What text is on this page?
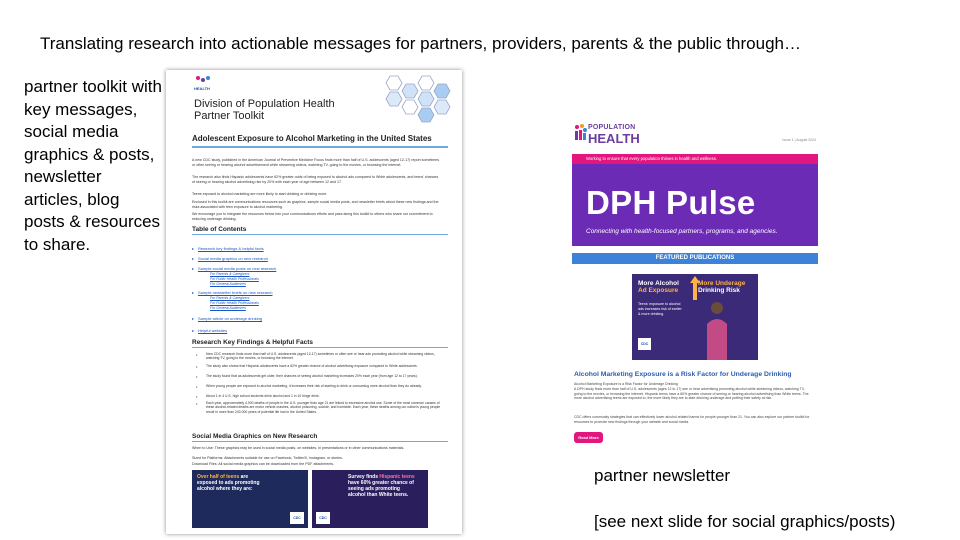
Translating research into actionable messages for partners, providers, parents & the public through…
partner toolkit with key messages, social media graphics & posts, newsletter articles, blog posts & resources to share.
partner newsletter
[see next slide for social graphics/posts)
HEALTH
Division of Population Health
Partner Toolkit
Adolescent Exposure to Alcohol Marketing in the United States
A new CDC study, published in the American Journal of Preventive Medicine Focus finds more than half of U.S. adolescents (aged 12-17) report sometimes or often seeing or hearing alcohol advertisement while streaming videos, watching TV, going to the movies, or browsing the internet.
The research also finds Hispanic adolescents have 62% greater odds of being exposed to alcohol ads compared to White adolescents, and teens' chances of seeing or hearing alcohol advertising rise by 20% with each year of age between 12 and 17.
Teens exposed to alcohol marketing are more likely to start drinking or drinking more.
Enclosed in this toolkit are communications resources such as graphics, sample social media posts, and newsletter briefs about these new findings and the risks associated with teen exposure to alcohol marketing.
We encourage you to integrate the resources below into your communications efforts and pass along this toolkit to others who share our commitment to reducing underage drinking.
Table of Contents
▸ Research key findings & helpful facts
▸ Social media graphics on new research
▸ Sample social media posts on new research
For Parents & Caregivers
For Public Health Professionals
For General Audiences
▸ Sample newsletter briefs on new research
For Parents & Caregivers
For Public Health Professionals
For General Audiences
▸ Sample article on underage drinking
▸ Helpful websites
Research Key Findings & Helpful Facts
•	New CDC research finds more than half of U.S. adolescents (aged 12-17) sometimes or often see or hear ads promoting alcohol while streaming videos, watching TV, going to the movies, or browsing the internet.
•	The study also shows that Hispanic adolescents have a 62% greater chance of alcohol advertising exposure compared to White adolescents.
•	The study found that as adolescents get older, their chances of seeing alcohol marketing increases 20% each year (from age 12 to 17 years).
•	When young people are exposed to alcohol marketing, it increases their risk of starting to drink or consuming more alcohol than they do already.
•	About 1 in 4 U.S. high school students drink alcohol and 1 in 10 binge drink.
•	Each year, approximately 4,000 deaths of people in the U.S. younger than age 21 are linked to excessive alcohol use. Some of the most common causes of these alcohol-related deaths are motor vehicle crashes, alcohol poisoning, suicide, and homicide. Each year, these deaths among our nation's young people result in more than 240,000 years of potential life lost in the United States.
Social Media Graphics on New Research
When to Use: These graphics may be used in social media posts, on websites, in presentations or in other communications materials.
Sized for Platforms: Attachments suitable for use on Facebook, Twitter/X, Instagram, or stories.
Download Files: All social media graphics can be downloaded from the PDF attachments.
Over half of teens are exposed to ads promoting alcohol where they are:
CDC
Survey finds Hispanic teens have 60% greater chance of seeing ads promoting alcohol than White teens.
CDC
POPULATION
HEALTH	Issue 1 | August 2024
Working to ensure that every population thrives in health and wellness.
DPH Pulse
Connecting with health-focused partners, programs, and agencies.
FEATURED PUBLICATIONS
More Alcohol
Ad Exposure
More Underage
Drinking Risk
Teens' exposure to alcohol ads increases risk of earlier & more drinking.
CDC
Alcohol Marketing Exposure is a Risk Factor for Underage Drinking
Alcohol Marketing Exposure is a Risk Factor for Underage Drinking
A DPH study finds more than half of U.S. adolescents (ages 12 to 17) see or hear advertising promoting alcohol while streaming videos, watching TV, going to the movies, or browsing the internet. Hispanic teens have a 60% greater chance of seeing or hearing alcohol advertising than White teens. The more alcohol advertising teens are exposed to, the more likely they are to start drinking underage and putting their safety at risk.
CDC offers community strategies that can effectively lower alcohol-related harms for people younger than 21. You can also explore our partner toolkit for resources to promote new findings through your website and social media.
Read More
